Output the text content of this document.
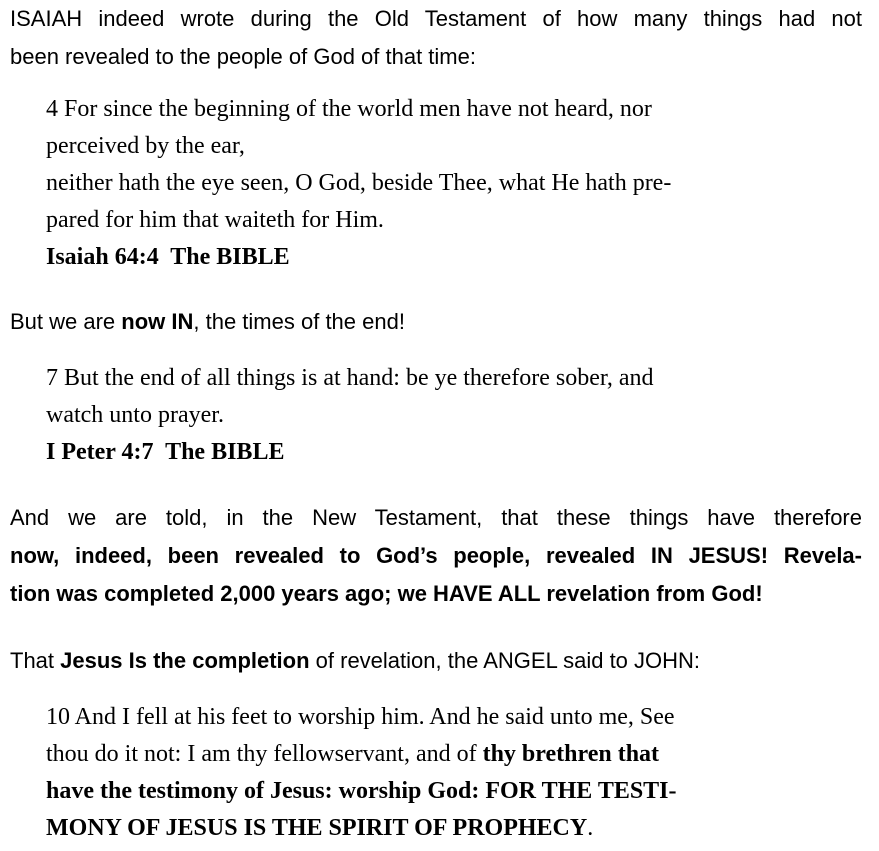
ISAIAH indeed wrote during the Old Testament of how many things had not
been revealed to the people of God of that time:
4 For since the beginning of the world men have not heard, nor
perceived by the ear,
neither hath the eye seen, O God, beside Thee, what He hath pre-
pared for him that waiteth for Him.
Isaiah 64:4  The BIBLE
But we are now IN, the times of the end!
7 But the end of all things is at hand: be ye therefore sober, and
watch unto prayer.
I Peter 4:7  The BIBLE
And we are told, in the New Testament, that these things have therefore
now, indeed, been revealed to God’s people, revealed IN JESUS! Revela-
tion was completed 2,000 years ago; we HAVE ALL revelation from God!
That Jesus Is the completion of revelation, the ANGEL said to JOHN:
10 And I fell at his feet to worship him. And he said unto me, See
thou do it not: I am thy fellowservant, and of thy brethren that
have the testimony of Jesus: worship God: FOR THE TESTI-
MONY OF JESUS IS THE SPIRIT OF PROPHECY.
